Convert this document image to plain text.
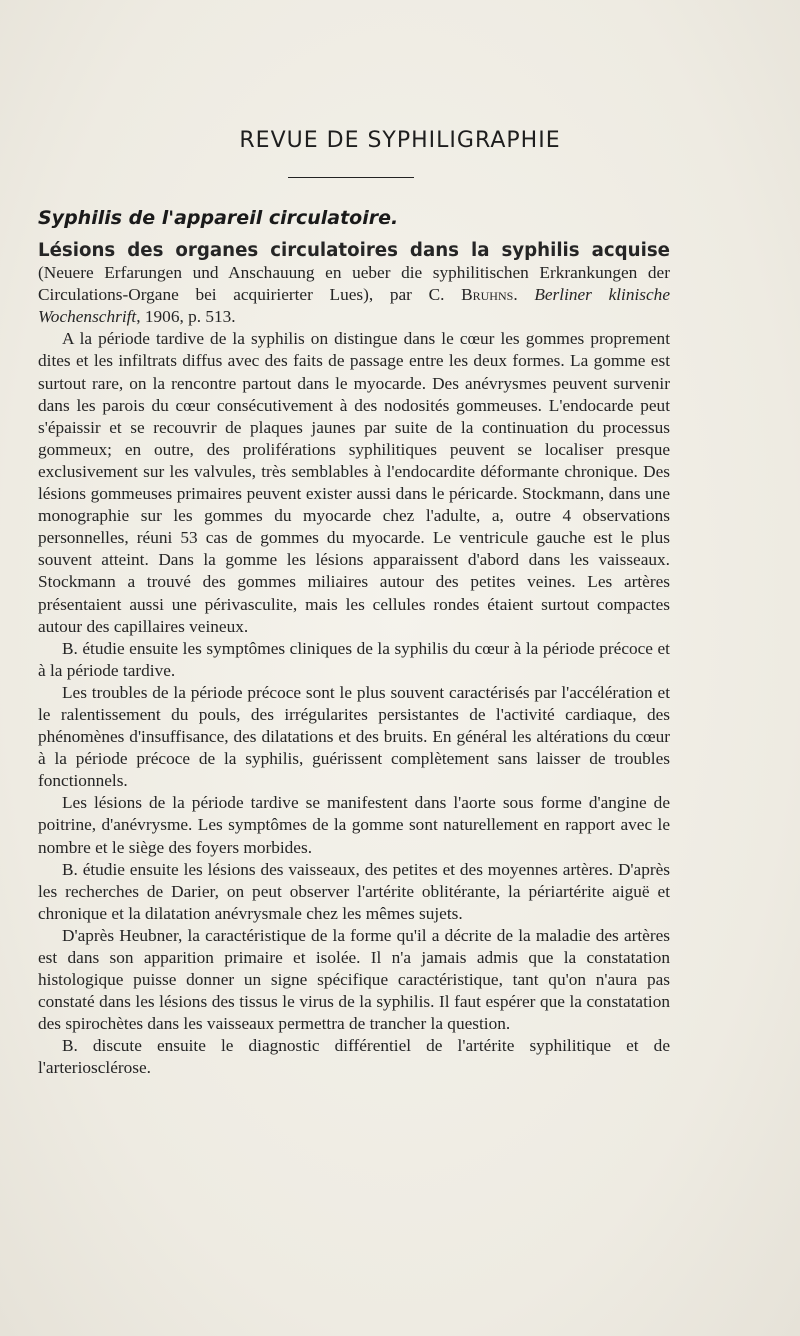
REVUE DE SYPHILIGRAPHIE
Syphilis de l'appareil circulatoire.

Lésions des organes circulatoires dans la syphilis acquise (Neuere Erfarungen und Anschauung en ueber die syphilitischen Erkrankungen der Circulations-Organe bei acquirierter Lues), par C. Bruhns. Berliner klinische Wochenschrift, 1906, p. 513.

A la période tardive de la syphilis on distingue dans le cœur les gommes proprement dites et les infiltrats diffus avec des faits de passage entre les deux formes. La gomme est surtout rare, on la rencontre partout dans le myocarde. Des anévrysmes peuvent survenir dans les parois du cœur consécutivement à des nodosités gommeuses. L'endocarde peut s'épaissir et se recouvrir de plaques jaunes par suite de la continuation du processus gommeux; en outre, des proliférations syphilitiques peuvent se localiser presque exclusivement sur les valvules, très semblables à l'endocardite déformante chronique. Des lésions gommeuses primaires peuvent exister aussi dans le péricarde. Stockmann, dans une monographie sur les gommes du myocarde chez l'adulte, a, outre 4 observations personnelles, réuni 53 cas de gommes du myocarde. Le ventricule gauche est le plus souvent atteint. Dans la gomme les lésions apparaissent d'abord dans les vaisseaux. Stockmann a trouvé des gommes miliaires autour des petites veines. Les artères présentaient aussi une périvasculite, mais les cellules rondes étaient surtout compactes autour des capillaires veineux.

B. étudie ensuite les symptômes cliniques de la syphilis du cœur à la période précoce et à la période tardive.

Les troubles de la période précoce sont le plus souvent caractérisés par l'accélération et le ralentissement du pouls, des irrégularites persistantes de l'activité cardiaque, des phénomènes d'insuffisance, des dilatations et des bruits. En général les altérations du cœur à la période précoce de la syphilis, guérissent complètement sans laisser de troubles fonctionnels.

Les lésions de la période tardive se manifestent dans l'aorte sous forme d'angine de poitrine, d'anévrysme. Les symptômes de la gomme sont naturellement en rapport avec le nombre et le siège des foyers morbides.

B. étudie ensuite les lésions des vaisseaux, des petites et des moyennes artères. D'après les recherches de Darier, on peut observer l'artérite oblitérante, la périartérite aiguë et chronique et la dilatation anévrysmale chez les mêmes sujets.

D'après Heubner, la caractéristique de la forme qu'il a décrite de la maladie des artères est dans son apparition primaire et isolée. Il n'a jamais admis que la constatation histologique puisse donner un signe spécifique caractéristique, tant qu'on n'aura pas constaté dans les lésions des tissus le virus de la syphilis. Il faut espérer que la constatation des spirochètes dans les vaisseaux permettra de trancher la question.

B. discute ensuite le diagnostic différentiel de l'artérite syphilitique et de l'arteriosclérose.
